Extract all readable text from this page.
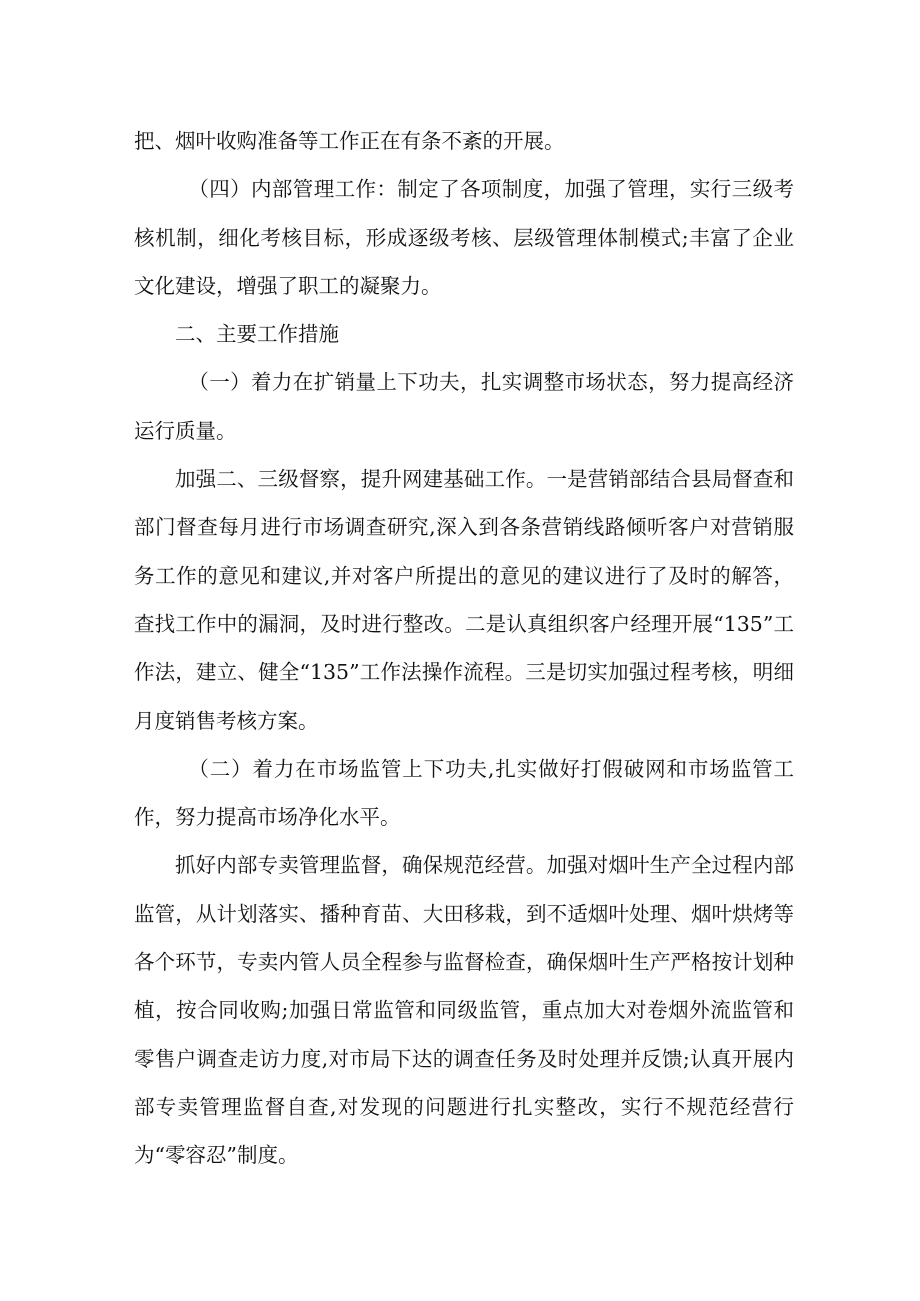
把、烟叶收购准备等工作正在有条不紊的开展。

（四）内部管理工作：制定了各项制度，加强了管理，实行三级考核机制，细化考核目标，形成逐级考核、层级管理体制模式;丰富了企业文化建设，增强了职工的凝聚力。

二、主要工作措施

（一）着力在扩销量上下功夫，扎实调整市场状态，努力提高经济运行质量。

加强二、三级督察，提升网建基础工作。一是营销部结合县局督查和部门督查每月进行市场调查研究,深入到各条营销线路倾听客户对营销服务工作的意见和建议,并对客户所提出的意见的建议进行了及时的解答，查找工作中的漏洞，及时进行整改。二是认真组织客户经理开展“135”工作法，建立、健全“135”工作法操作流程。三是切实加强过程考核，明细月度销售考核方案。

（二）着力在市场监管上下功夫,扎实做好打假破网和市场监管工作，努力提高市场净化水平。

抓好内部专卖管理监督，确保规范经营。加强对烟叶生产全过程内部监管，从计划落实、播种育苗、大田移栽，到不适烟叶处理、烟叶烘烤等各个环节，专卖内管人员全程参与监督检查，确保烟叶生产严格按计划种植，按合同收购;加强日常监管和同级监管，重点加大对卷烟外流监管和零售户调查走访力度,对市局下达的调查任务及时处理并反馈;认真开展内部专卖管理监督自查,对发现的问题进行扎实整改，实行不规范经营行为“零容忍”制度。
